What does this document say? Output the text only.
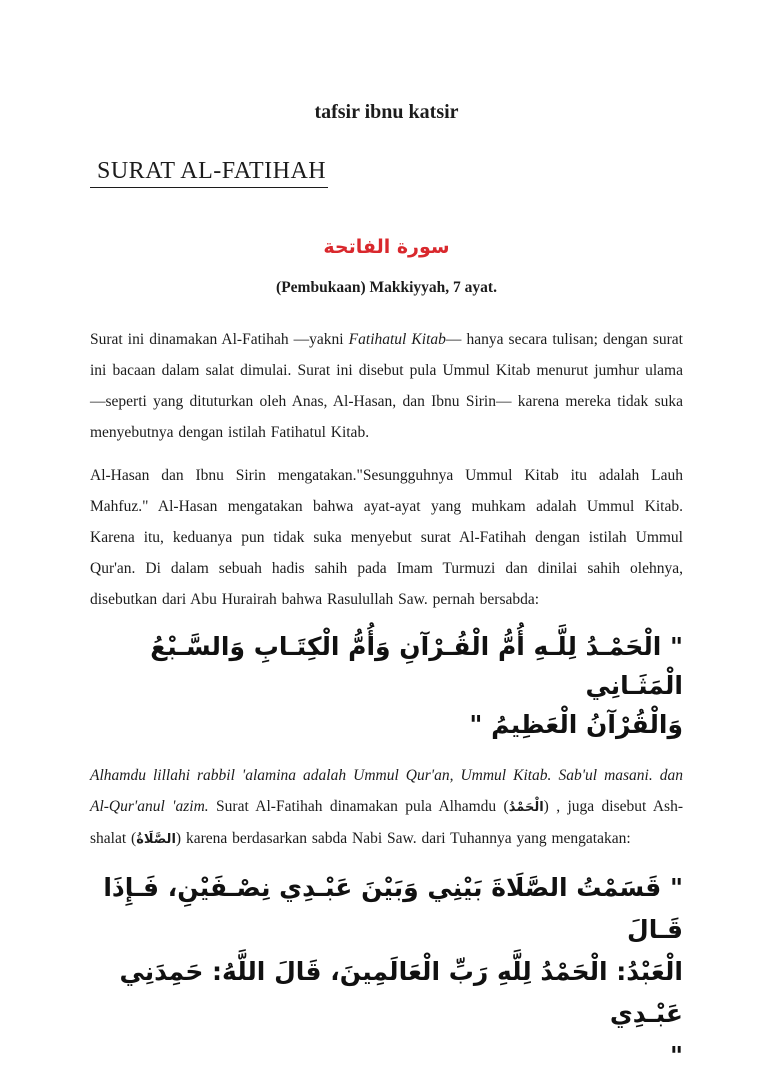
tafsir ibnu katsir
SURAT AL-FATIHAH
سورة الفاتحة
(Pembukaan) Makkiyyah, 7 ayat.

Surat ini dinamakan Al-Fatihah —yakni Fatihatul Kitab— hanya secara tulisan; dengan surat ini bacaan dalam salat dimulai. Surat ini disebut pula Ummul Kitab menurut jumhur ulama —seperti yang dituturkan oleh Anas, Al-Hasan, dan Ibnu Sirin— karena mereka tidak suka menyebutnya dengan istilah Fatihatul Kitab.

Al-Hasan dan Ibnu Sirin mengatakan."Sesungguhnya Ummul Kitab itu adalah Lauh Mahfuz." Al-Hasan mengatakan bahwa ayat-ayat yang muhkam adalah Ummul Kitab. Karena itu, keduanya pun tidak suka menyebut surat Al-Fatihah dengan istilah Ummul Qur'an. Di dalam sebuah hadis sahih pada Imam Turmuzi dan dinilai sahih olehnya, disebutkan dari Abu Hurairah bahwa Rasulullah Saw. pernah bersabda:

" الْحَمْـدُ لِلَّـهِ أُمُّ الْقُـرْآنِ وَأُمُّ الْكِتَـابِ وَالسَّـبْعُ الْمَثَـانِي
وَالْقُرْآنُ الْعَظِيمُ "

Alhamdu lillahi rabbil 'alamina adalah Ummul Qur'an, Ummul Kitab. Sab'ul masani. dan Al-Qur'anul 'azim. Surat Al-Fatihah dinamakan pula Alhamdu (الْحَمْدُ) , juga disebut Ash-shalat (الصَّلَاةُ) karena berdasarkan sabda Nabi Saw. dari Tuhannya yang mengatakan:

" قَسَمْتُ الصَّلَاةَ بَيْنِي وَبَيْنَ عَبْـدِي نِصْـفَيْنِ، فَـإِذَا قَـالَ
الْعَبْدُ: الْحَمْدُ لِلَّهِ رَبِّ الْعَالَمِينَ، قَالَ اللَّهُ: حَمِدَنِي عَبْـدِي
"
